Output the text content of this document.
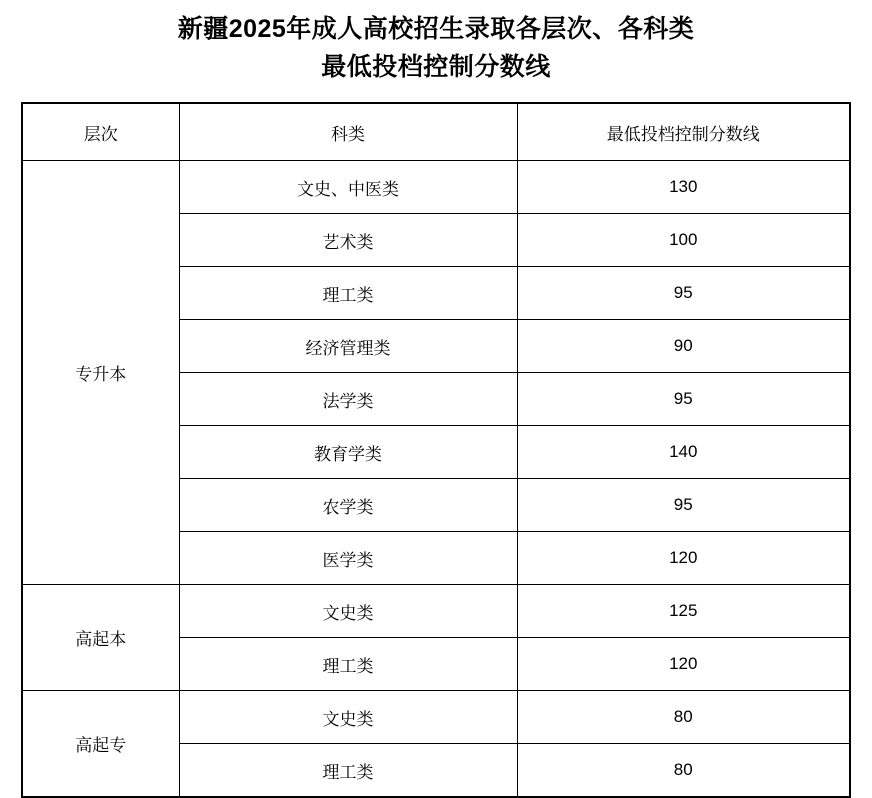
新疆2025年成人高校招生录取各层次、各科类
最低投档控制分数线
层次	科类	最低投档控制分数线
专升本	文史、中医类	130
	艺术类	100
	理工类	95
	经济管理类	90
	法学类	95
	教育学类	140
	农学类	95
	医学类	120
高起本	文史类	125
	理工类	120
高起专	文史类	80
	理工类	80
